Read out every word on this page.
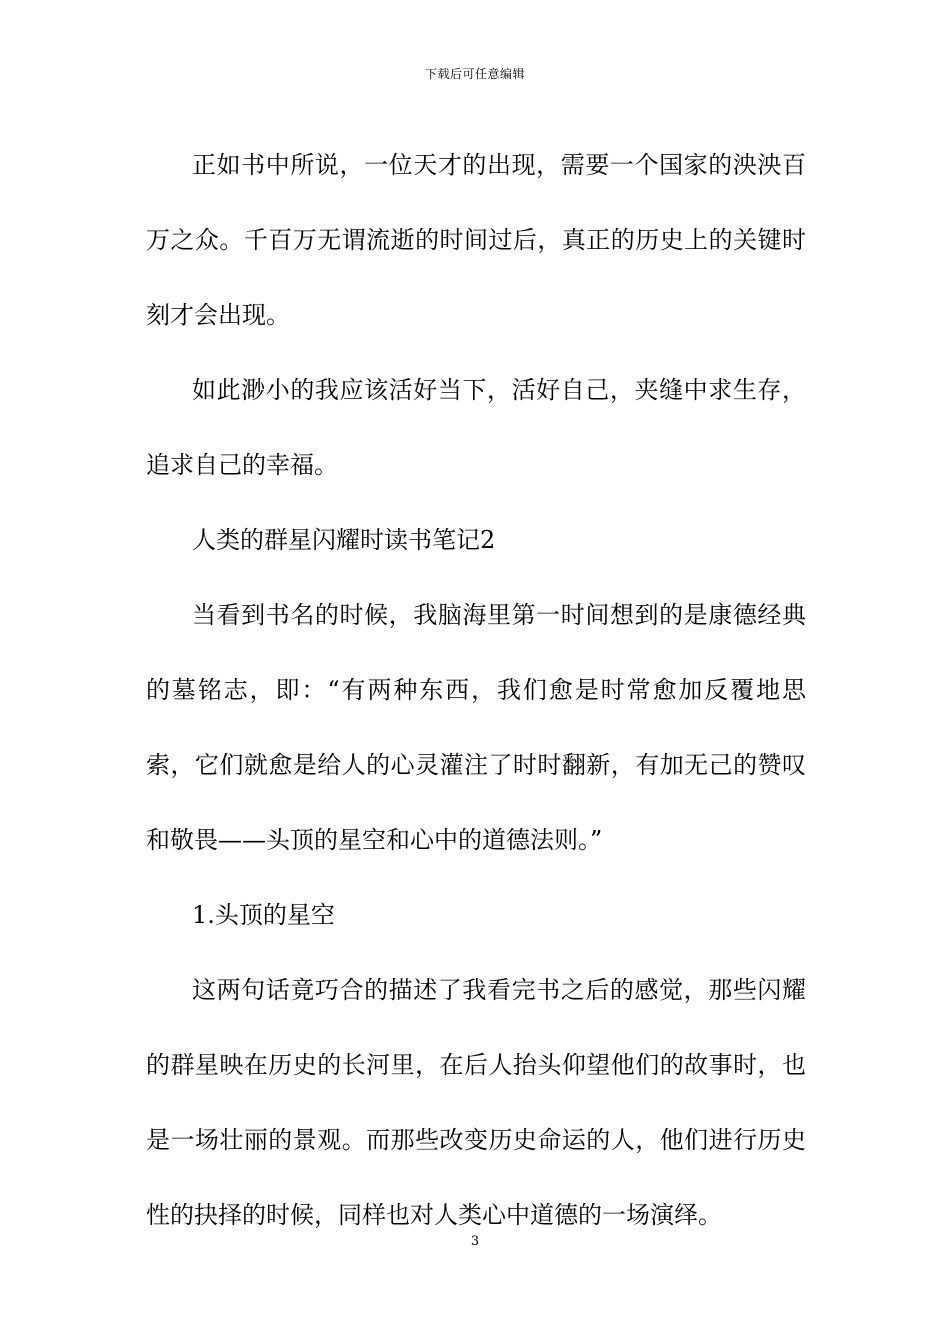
下载后可任意编辑

正如书中所说，一位天才的出现，需要一个国家的泱泱百万之众。千百万无谓流逝的时间过后，真正的历史上的关键时刻才会出现。

如此渺小的我应该活好当下，活好自己，夹缝中求生存，追求自己的幸福。

人类的群星闪耀时读书笔记2

当看到书名的时候，我脑海里第一时间想到的是康德经典的墓铭志，即：“有两种东西，我们愈是时常愈加反覆地思索，它们就愈是给人的心灵灌注了时时翻新，有加无己的赞叹和敬畏——头顶的星空和心中的道德法则。”

1.头顶的星空

这两句话竟巧合的描述了我看完书之后的感觉，那些闪耀的群星映在历史的长河里，在后人抬头仰望他们的故事时，也是一场壮丽的景观。而那些改变历史命运的人，他们进行历史性的抉择的时候，同样也对人类心中道德的一场演绎。

3
